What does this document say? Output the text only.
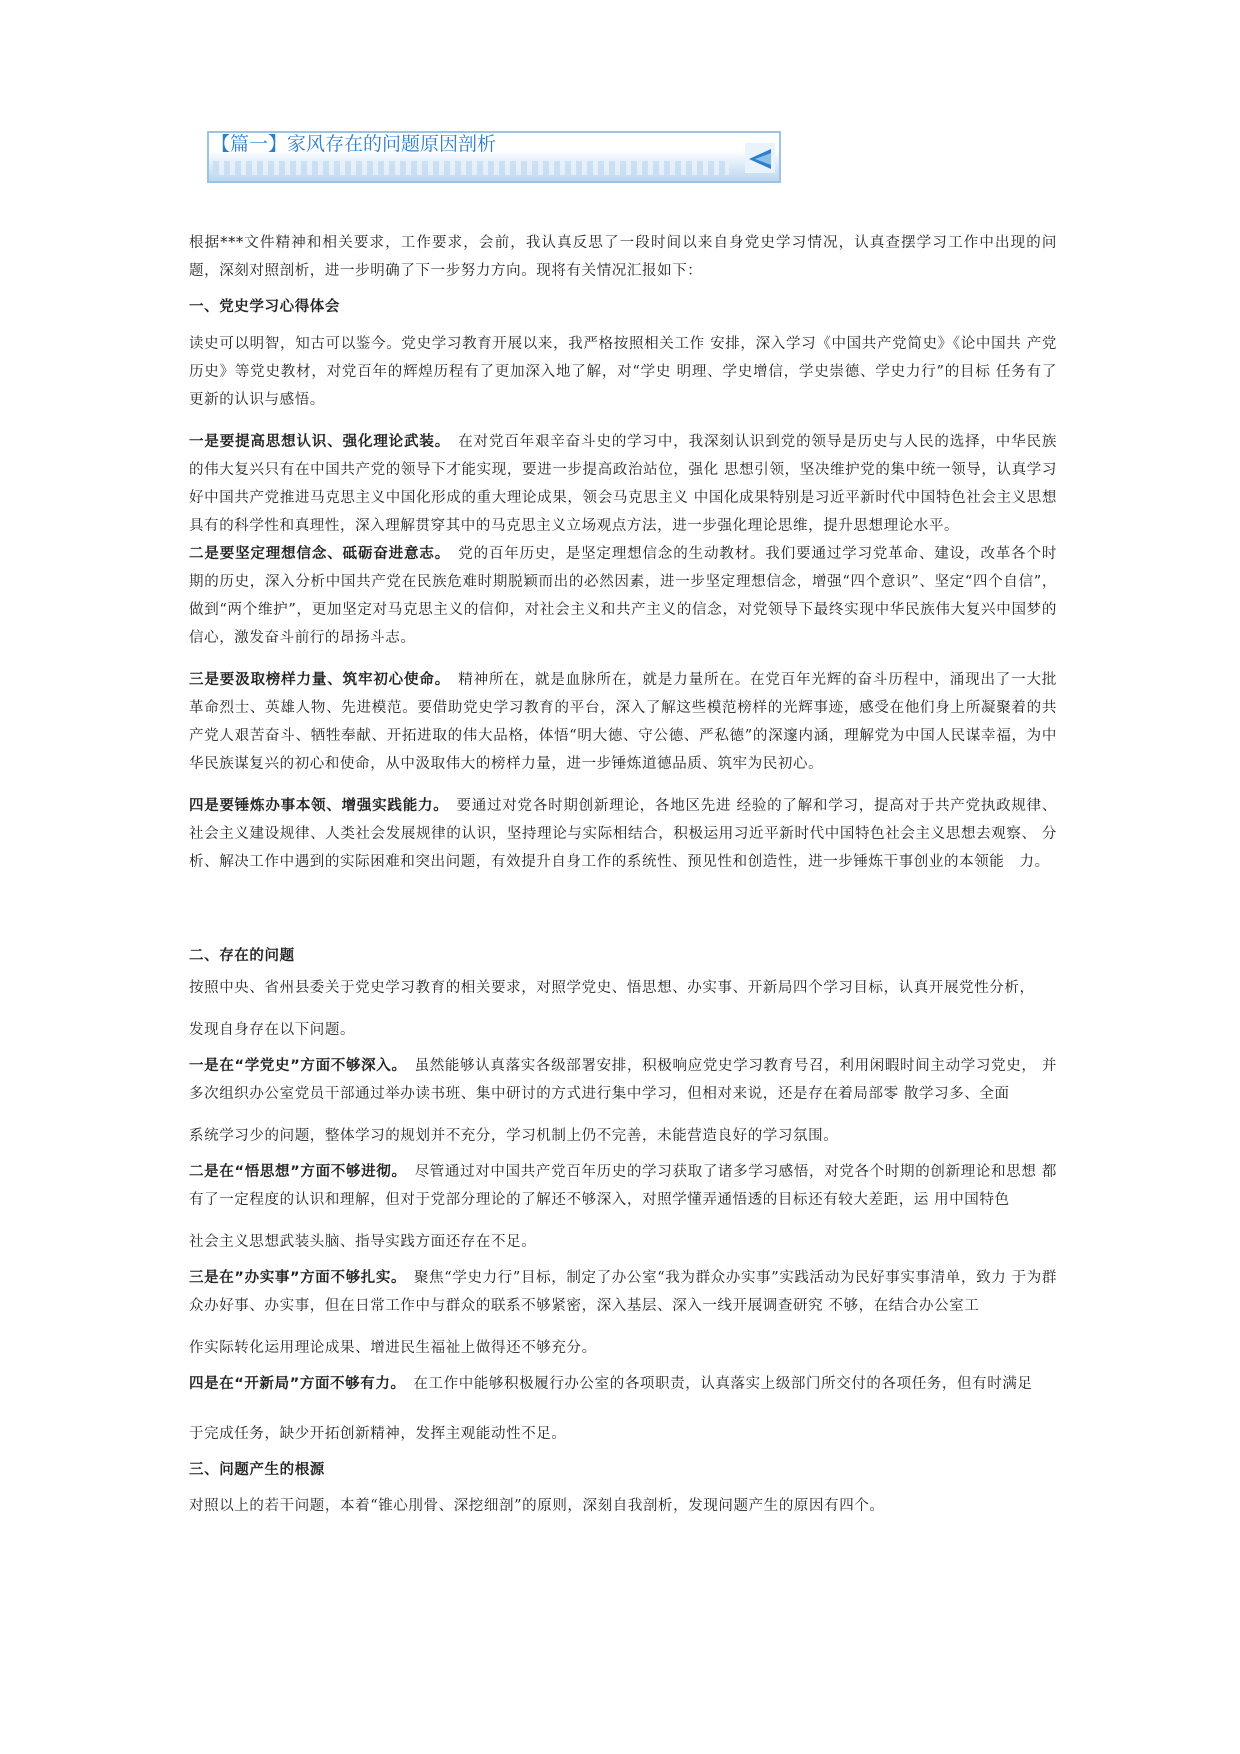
【篇一】家风存在的问题原因剖析

根据***文件精神和相关要求，工作要求，会前，我认真反思了一段时间以来自身党史学习情况，认真查摆学习工作中出现的问 题，深刻对照剖析，进一步明确了下一步努力方向。现将有关情况汇报如下：

一、党史学习心得体会

读史可以明智，知古可以鉴今。党史学习教育开展以来，我严格按照相关工作 安排，深入学习《中国共产党简史》《论中国共 产党历史》等党史教材，对党百年的辉煌历程有了更加深入地了解，对“学史 明理、学史增信，学史崇德、学史力行”的目标 任务有了更新的认识与感悟。

一是要提高思想认识、强化理论武装。　 在对党百年艰辛奋斗史的学习中，我深刻认识到党的领导是历史与人民的选择，中华民族的伟大复兴只有在中国共产党的领导下才能实现，要进一步提高政治站位，强化 思想引领，坚决维护党的集中统一领导，认真学习好中国共产党推进马克思主义中国化形成的重大理论成果，领会马克思主义 中国化成果特别是习近平新时代中国特色社会主义思想具有的科学性和真理性，深入理解贯穿其中的马克思主义立场观点方法，进一步强化理论思维，提升思想理论水平。

二是要坚定理想信念、砥砺奋进意志。　 党的百年历史，是坚定理想信念的生动教材。我们要通过学习党革命、建设，改革各个时期的历史，深入分析中国共产党在民族危难时期脱颖而出的必然因素，进一步坚定理想信念，增强“四个意识”、坚定“四个自信”，做到“两个维护”，更加坚定对马克思主义的信仰，对社会主义和共产主义的信念，对党领导下最终实现中华民族伟大复兴中国梦的信心，激发奋斗前行的昂扬斗志。

三是要汲取榜样力量、筑牢初心使命。　 精神所在，就是血脉所在，就是力量所在。在党百年光辉的奋斗历程中，涌现出了一大批革命烈士、英雄人物、先进模范。要借助党史学习教育的平台，深入了解这些模范榜样的光辉事迹，感受在他们身上所凝聚着的共产党人艰苦奋斗、牺牲奉献、开拓进取的伟大品格，体悟“明大德、守公德、严私德”的深邃内涵，理解党为中国人民谋幸福，为中华民族谋复兴的初心和使命，从中汲取伟大的榜样力量，进一步锤炼道德品质、筑牢为民初心。

四是要锤炼办事本领、增强实践能力。　 要通过对党各时期创新理论，各地区先进 经验的了解和学习，提高对于共产党执政规律、 社会主义建设规律、人类社会发展规律的认识，坚持理论与实际相结合，积极运用习近平新时代中国特色社会主义思想去观察、 分析、解决工作中遇到的实际困难和突出问题，有效提升自身工作的系统性、预见性和创造性，进一步锤炼干事创业的本领能　力。

二、存在的问题

按照中央、省州县委关于党史学习教育的相关要求，对照学党史、悟思想、办实事、开新局四个学习目标，认真开展党性分析，

发现自身存在以下问题。

一是在“学党史”方面不够深入。　 虽然能够认真落实各级部署安排，积极响应党史学习教育号召，利用闲暇时间主动学习党史， 并多次组织办公室党员干部通过举办读书班、集中研讨的方式进行集中学习，但相对来说，还是存在着局部零 散学习多、全面

系统学习少的问题，整体学习的规划并不充分，学习机制上仍不完善，未能营造良好的学习氛围。

二是在“悟思想”方面不够进彻。　 尽管通过对中国共产党百年历史的学习获取了诸多学习感悟，对党各个时期的创新理论和思想 都有了一定程度的认识和理解，但对于党部分理论的了解还不够深入，对照学懂弄通悟透的目标还有较大差距，运 用中国特色

社会主义思想武装头脑、指导实践方面还存在不足。

三是在”办实事”方面不够扎实。　 聚焦“学史力行”目标，制定了办公室“我为群众办实事”实践活动为民好事实事清单，致力 于为群众办好事、办实事，但在日常工作中与群众的联系不够紧密，深入基层、深入一线开展调查研究 不够，在结合办公室工

作实际转化运用理论成果、增进民生福祉上做得还不够充分。

四是在“开新局”方面不够有力。　 在工作中能够积极履行办公室的各项职责，认真落实上级部门所交付的各项任务，但有时满足

于完成任务，缺少开拓创新精神，发挥主观能动性不足。

三、问题产生的根源

对照以上的若干问题，本着“锥心刖骨、深挖细剖”的原则，深刻自我剖析，发现问题产生的原因有四个。
